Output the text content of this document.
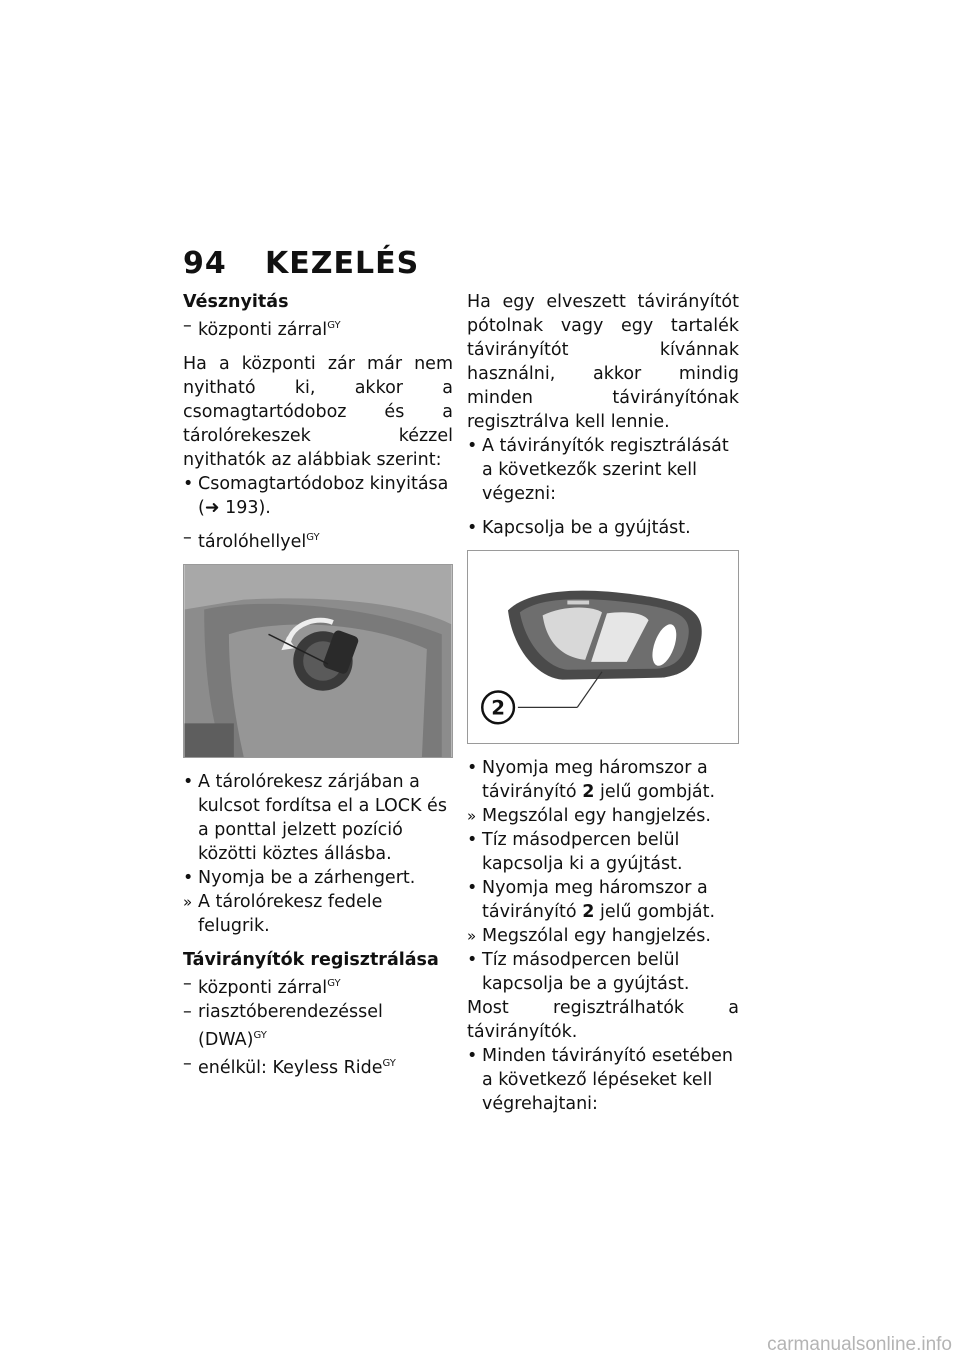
94 KEZELÉS
Vésznyitás
– központi zárral$^{GY}$
Ha a központi zár már nem nyitható ki, akkor a csomagtartódoboz és a tárolórekeszek kézzel nyithatók az alábbiak szerint:
• Csomagtartódoboz kinyitása
(➜ 193).
– tárolóhellyel$^{GY}$
• A tárolórekesz zárjában a kulcsot fordítsa el a LOCK és a ponttal jelzett pozíció közötti köztes állásba.
• Nyomja be a zárhengert.
» A tárolórekesz fedele felugrik.
Távirányítók regisztrálása
– központi zárral$^{GY}$
– riasztóberendezéssel (DWA)$^{GY}$
– enélkül: Keyless Ride$^{GY}$
Ha egy elveszett távirányítót pótolnak vagy egy tartalék távirányítót kívánnak használni, akkor mindig minden távirányítónak regisztrálva kell lennie.
• A távirányítók regisztrálását a következők szerint kell végezni:
• Kapcsolja be a gyújtást.
2
• Nyomja meg háromszor a távirányító 2 jelű gombját.
» Megszólal egy hangjelzés.
• Tíz másodpercen belül kapcsolja ki a gyújtást.
• Nyomja meg háromszor a távirányító 2 jelű gombját.
» Megszólal egy hangjelzés.
• Tíz másodpercen belül kapcsolja be a gyújtást.
Most regisztrálhatók a távirányítók.
• Minden távirányító esetében a következő lépéseket kell végrehajtani:
carmanualsonline.info
